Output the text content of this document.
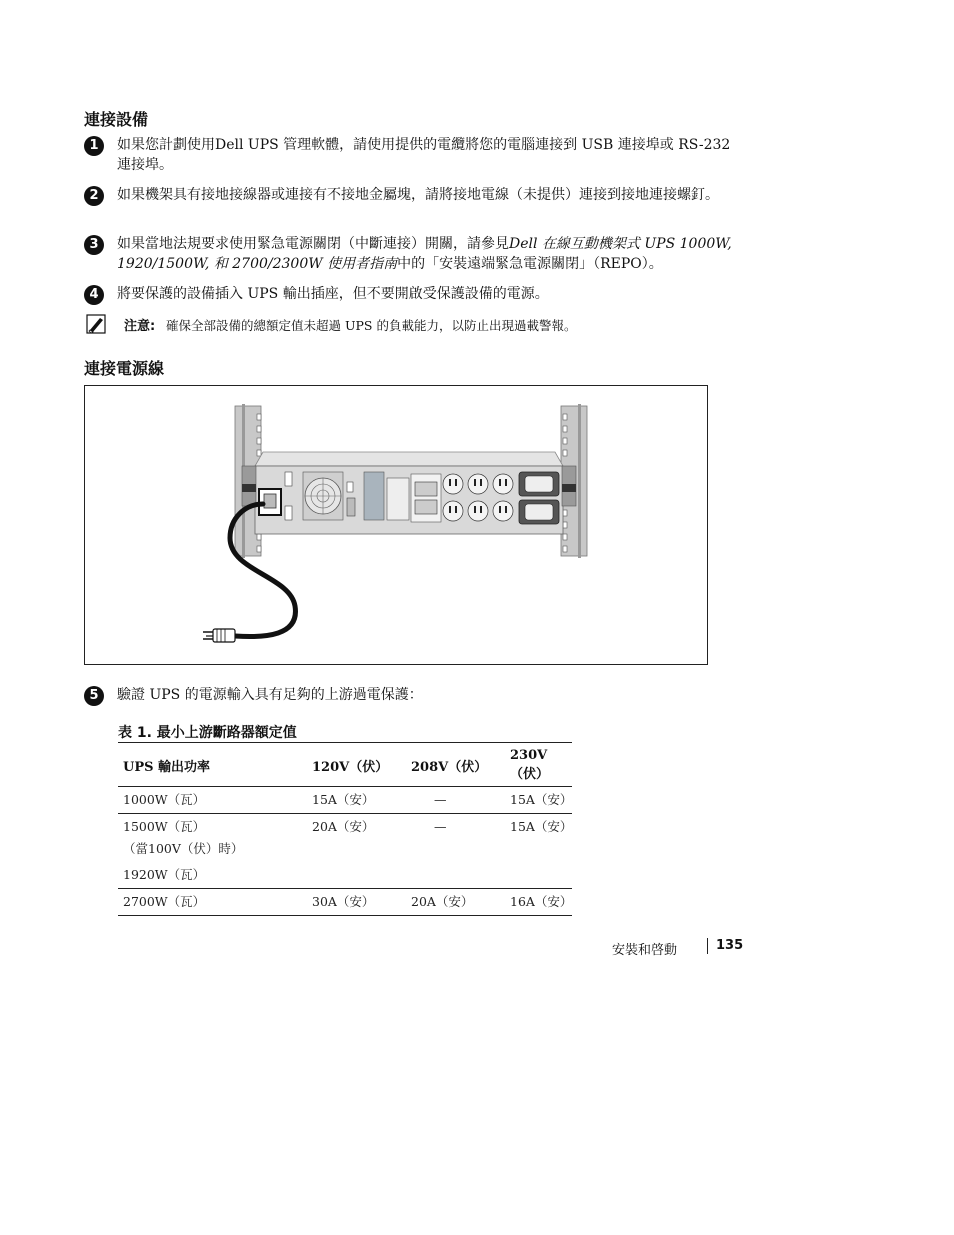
連接設備
1	如果您計劃使用Dell UPS 管理軟體，請使用提供的電纜將您的電腦連接到 USB 連接埠或 RS-232 連接埠。
2	如果機架具有接地接線器或連接有不接地金屬塊，請將接地電線（未提供）連接到接地連接螺釘。
3	如果當地法規要求使用緊急電源關閉（中斷連接）開關，請參見Dell 在線互動機架式 UPS 1000W, 1920/1500W, 和 2700/2300W 使用者指南中的「安裝遠端緊急電源關閉」（REPO）。
4	將要保護的設備插入 UPS 輸出插座，但不要開啟受保護設備的電源。
注意: 確保全部設備的總額定值未超過 UPS 的負載能力，以防止出現過載警報。
連接電源線
5	驗證 UPS 的電源輸入具有足夠的上游過電保護：
表 1. 最小上游斷路器額定值
UPS 輸出功率	120V（伏）	208V（伏）	230V（伏）
1000W（瓦）	15A（安）	—	15A（安）
1500W（瓦）	20A（安）	—	15A（安）
（當100V（伏）時）			
1920W（瓦）			
2700W（瓦）	30A（安）	20A（安）	16A（安）
安裝和啓動	135
